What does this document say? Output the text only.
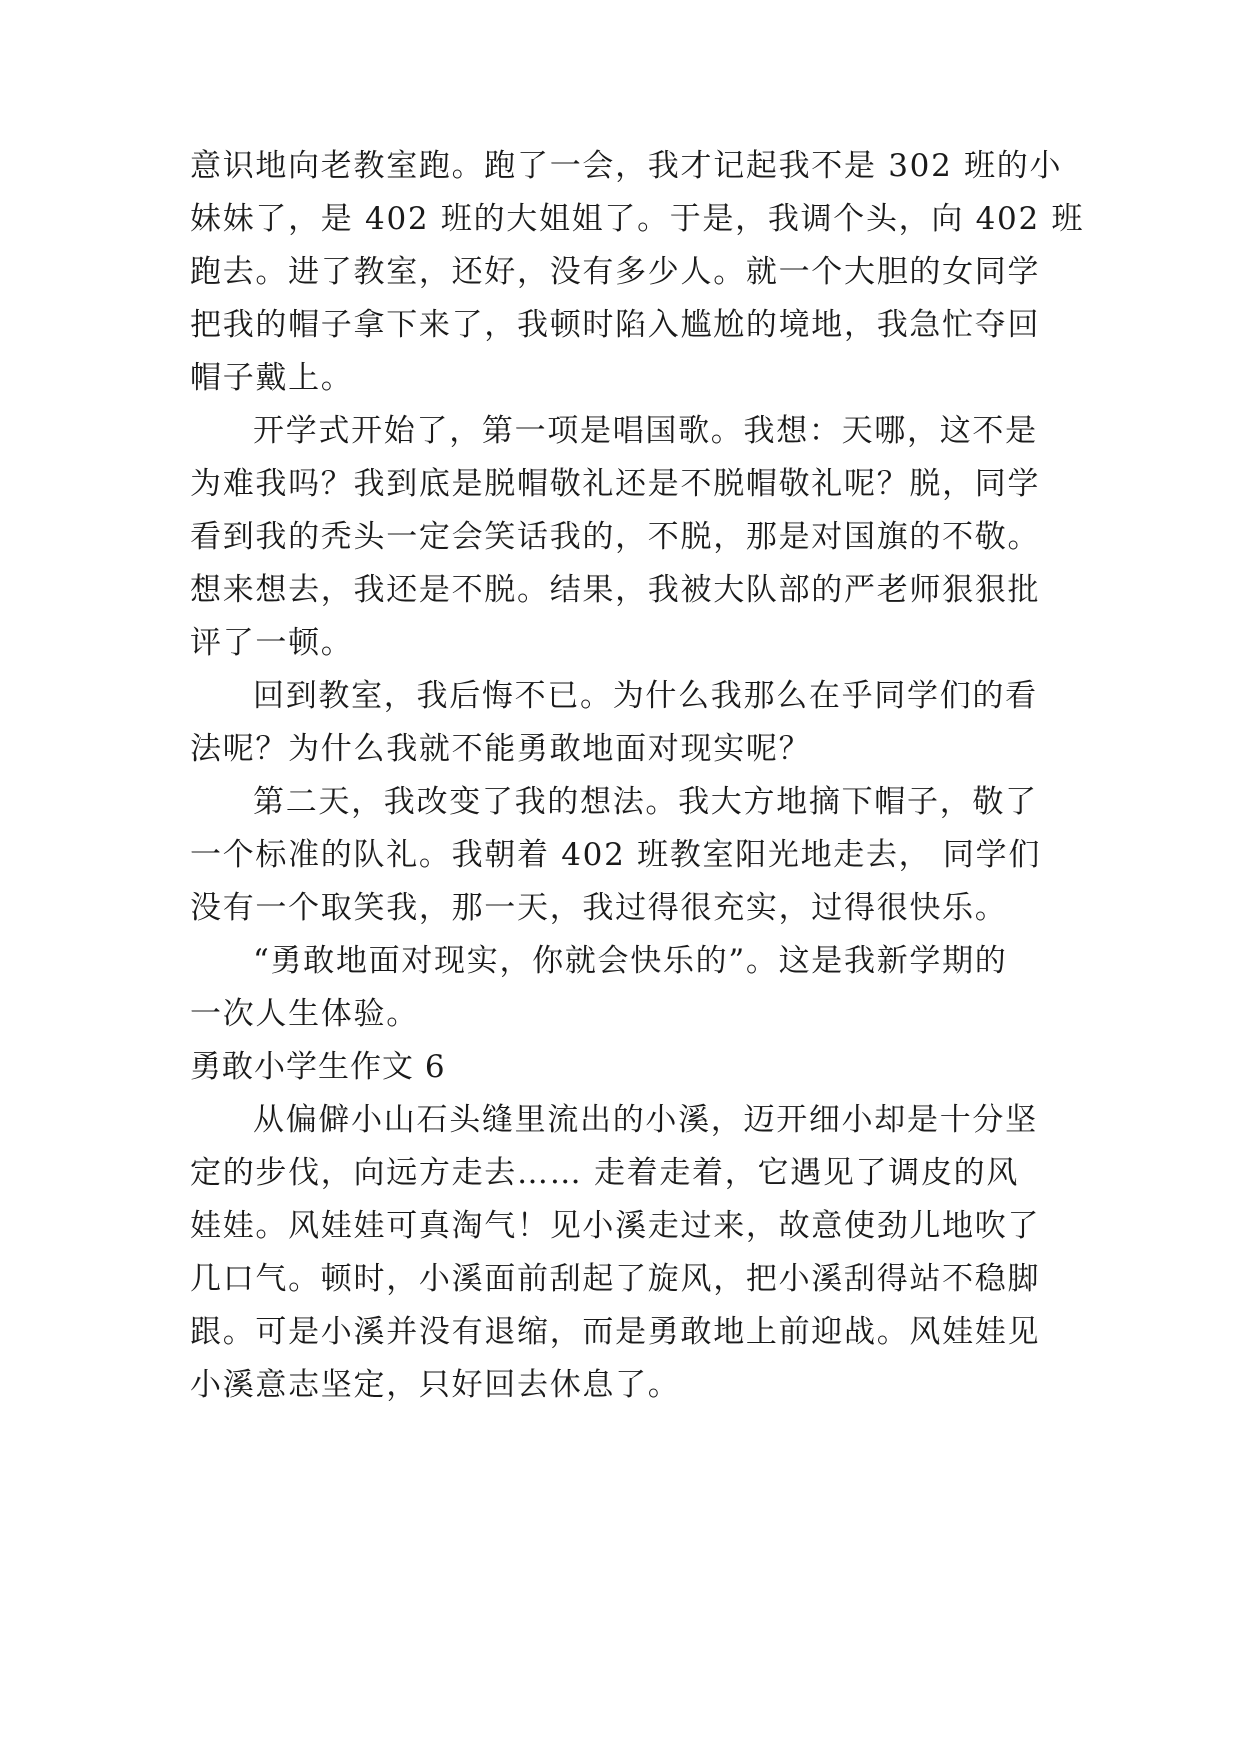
意识地向老教室跑。跑了一会，我才记起我不是 302 班的小
妹妹了，是 402 班的大姐姐了。于是，我调个头，向 402 班
跑去。进了教室，还好，没有多少人。就一个大胆的女同学
把我的帽子拿下来了，我顿时陷入尴尬的境地，我急忙夺回
帽子戴上。
开学式开始了，第一项是唱国歌。我想：天哪，这不是
为难我吗？我到底是脱帽敬礼还是不脱帽敬礼呢？脱，同学
看到我的秃头一定会笑话我的，不脱，那是对国旗的不敬。
想来想去，我还是不脱。结果，我被大队部的严老师狠狠批
评了一顿。
回到教室，我后悔不已。为什么我那么在乎同学们的看
法呢？为什么我就不能勇敢地面对现实呢？
第二天，我改变了我的想法。我大方地摘下帽子，敬了
一个标准的队礼。我朝着 402 班教室阳光地走去， 同学们
没有一个取笑我，那一天，我过得很充实，过得很快乐。
“勇敢地面对现实，你就会快乐的”。这是我新学期的
一次人生体验。
勇敢小学生作文 6
从偏僻小山石头缝里流出的小溪，迈开细小却是十分坚
定的步伐，向远方走去…… 走着走着，它遇见了调皮的风
娃娃。风娃娃可真淘气！见小溪走过来，故意使劲儿地吹了
几口气。顿时，小溪面前刮起了旋风，把小溪刮得站不稳脚
跟。可是小溪并没有退缩，而是勇敢地上前迎战。风娃娃见
小溪意志坚定，只好回去休息了。
